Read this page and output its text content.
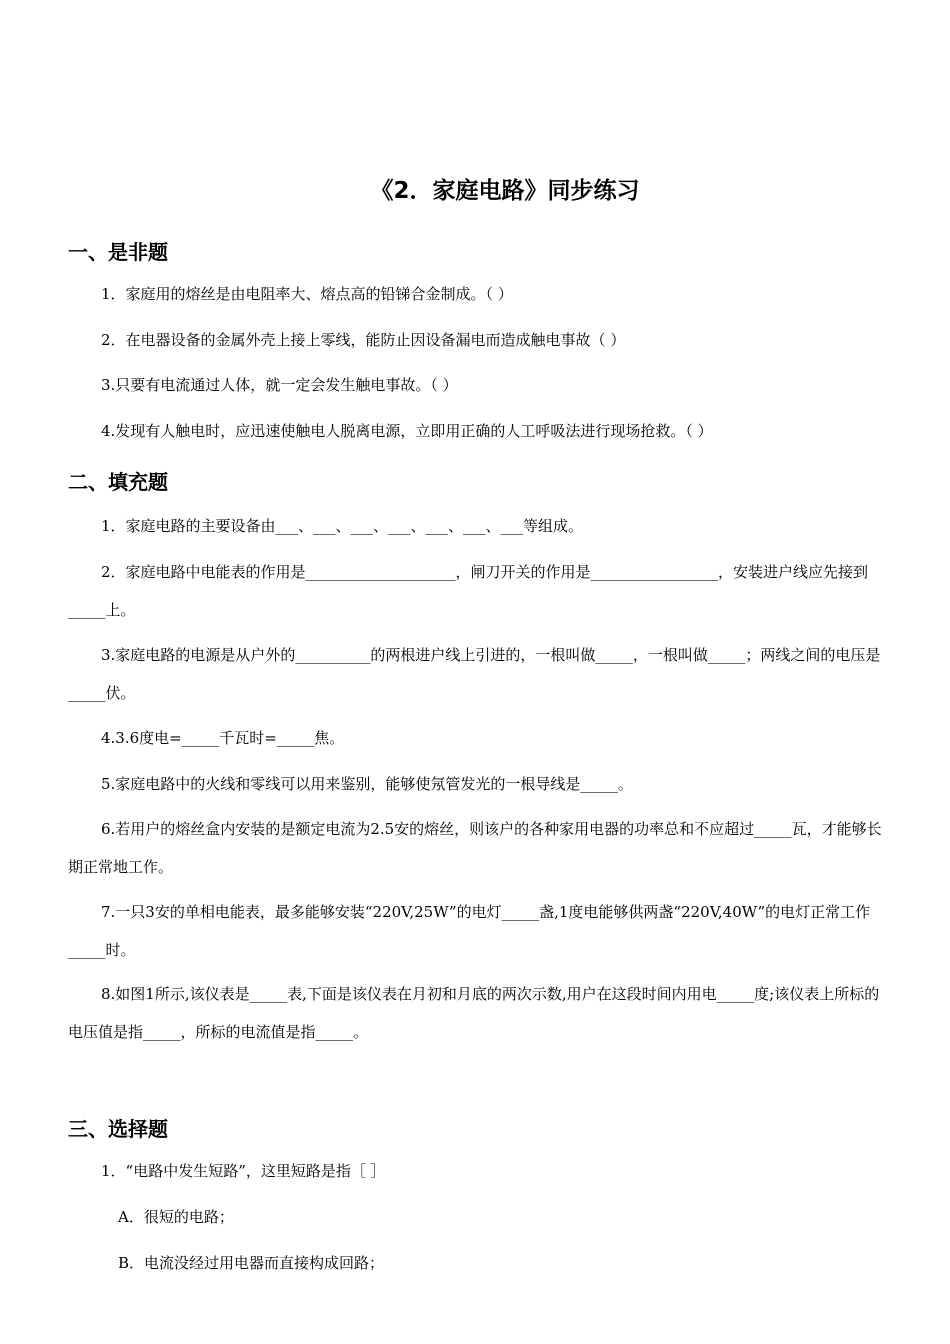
《2．家庭电路》同步练习
一、是非题
1．家庭用的熔丝是由电阻率大、熔点高的铅锑合金制成。（ ）
2．在电器设备的金属外壳上接上零线，能防止因设备漏电而造成触电事故（ ）
3.只要有电流通过人体，就一定会发生触电事故。（ ）
4.发现有人触电时，应迅速使触电人脱离电源，立即用正确的人工呼吸法进行现场抢救。（ ）
二、填充题
1．家庭电路的主要设备由___、___、___、___、___、___、___等组成。
2．家庭电路中电能表的作用是____________________，闸刀开关的作用是_________________，安装进户线应先接到_____上。
3.家庭电路的电源是从户外的__________的两根进户线上引进的，一根叫做_____，一根叫做_____；两线之间的电压是_____伏。
4.3.6度电=_____千瓦时=_____焦。
5.家庭电路中的火线和零线可以用来鉴别，能够使氖管发光的一根导线是_____。
6.若用户的熔丝盒内安装的是额定电流为2.5安的熔丝，则该户的各种家用电器的功率总和不应超过_____瓦，才能够长期正常地工作。
7.一只3安的单相电能表，最多能够安装“220V,25W”的电灯_____盏,1度电能够供两盏“220V,40W”的电灯正常工作_____时。
8.如图1所示,该仪表是_____表,下面是该仪表在月初和月底的两次示数,用户在这段时间内用电_____度;该仪表上所标的电压值是指_____，所标的电流值是指_____。
三、选择题
1．“电路中发生短路”，这里短路是指［ ］
A．很短的电路；
B．电流没经过用电器而直接构成回路；
